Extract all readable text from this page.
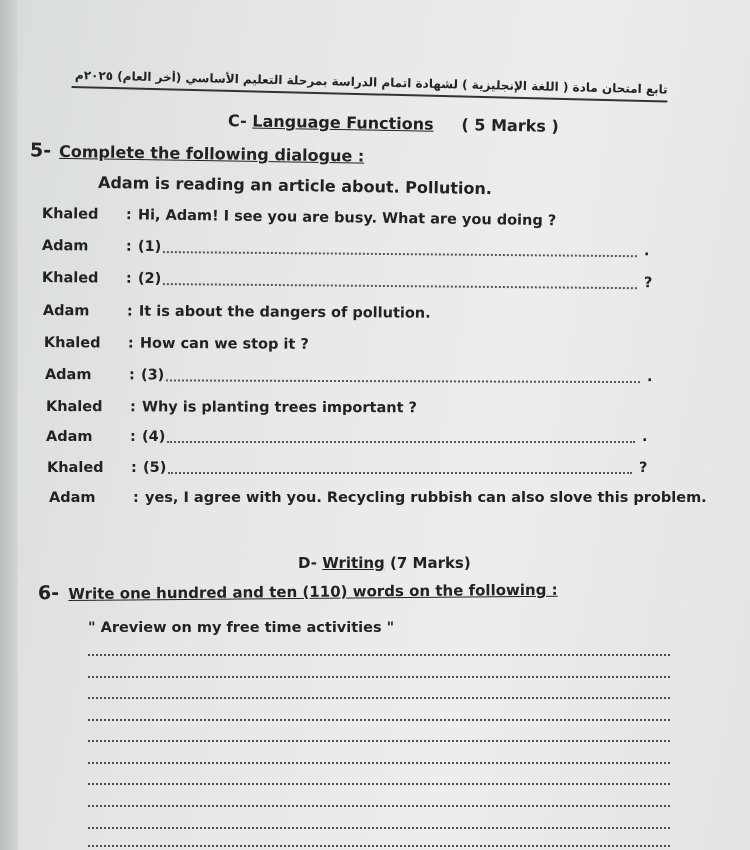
تابع امتحان مادة ( اللغة الإنجليزية ) لشهادة اتمام الدراسة بمرحلة التعليم الأساسي (أخر العام) ٢٠٢٥م
C- Language Functions ( 5 Marks )
5- Complete the following dialogue :
Adam is reading an article about. Pollution.
Khaled : Hi, Adam! I see you are busy. What are you doing ?
Adam	: (1)	.
Khaled : (2)	?
Adam	: It is about the dangers of pollution.
Khaled : How can we stop it ?
Adam	: (3)	.
Khaled : Why is planting trees important ?
Adam	: (4)	.
Khaled : (5)	?
Adam	: yes, I agree with you. Recycling rubbish can also slove this problem.
D- Writing (7 Marks)
6- Write one hundred and ten (110) words on the following :
" Areview on my free time activities "
